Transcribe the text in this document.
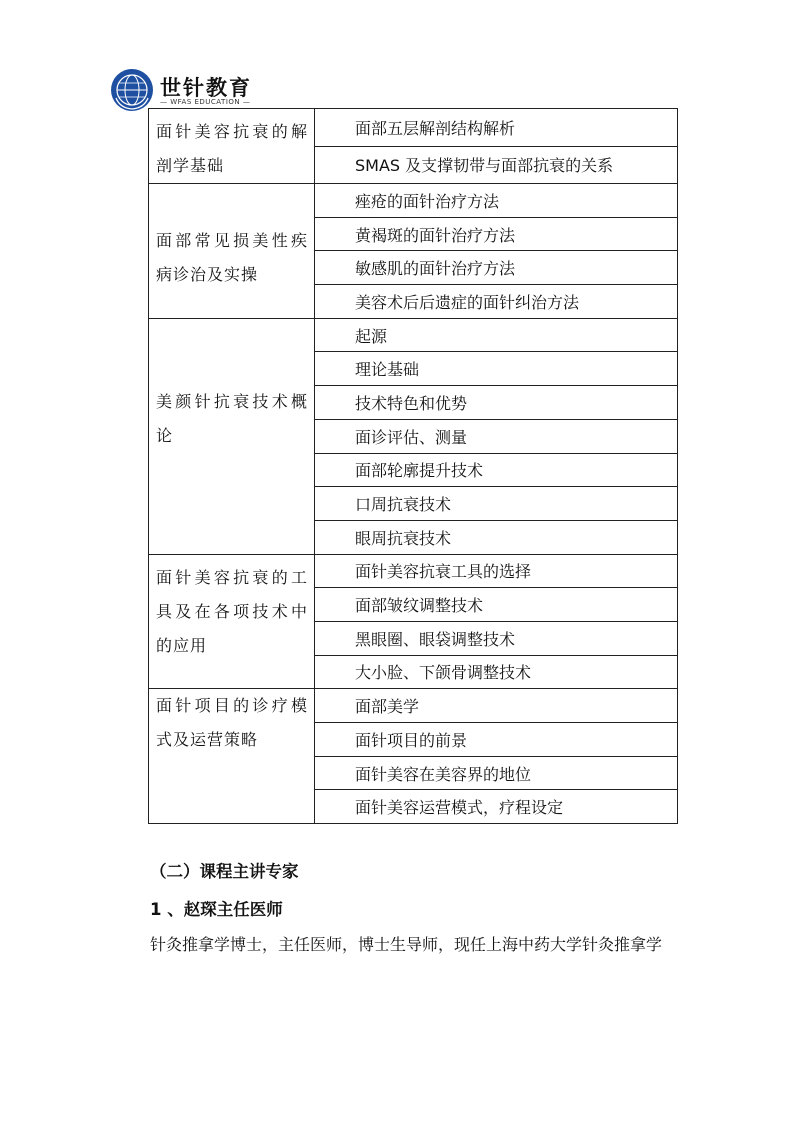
世针教育
— WFAS EDUCATION —
面针美容抗衰的解剖学基础	面部五层解剖结构解析
	SMAS 及支撑韧带与面部抗衰的关系

面部常见损美性疾病诊治及实操	痤疮的面针治疗方法
	黄褐斑的面针治疗方法
	敏感肌的面针治疗方法
	美容术后后遗症的面针纠治方法

美颜针抗衰技术概论	起源
	理论基础
	技术特色和优势
	面诊评估、测量
	面部轮廓提升技术
	口周抗衰技术
	眼周抗衰技术

面针美容抗衰的工具及在各项技术中的应用	面针美容抗衰工具的选择
	面部皱纹调整技术
	黑眼圈、眼袋调整技术
	大小脸、下颌骨调整技术

面针项目的诊疗模式及运营策略	面部美学
	面针项目的前景
	面针美容在美容界的地位
	面针美容运营模式，疗程设定
（二）课程主讲专家
1 、赵琛主任医师
针灸推拿学博士，主任医师，博士生导师，现任上海中药大学针灸推拿学
